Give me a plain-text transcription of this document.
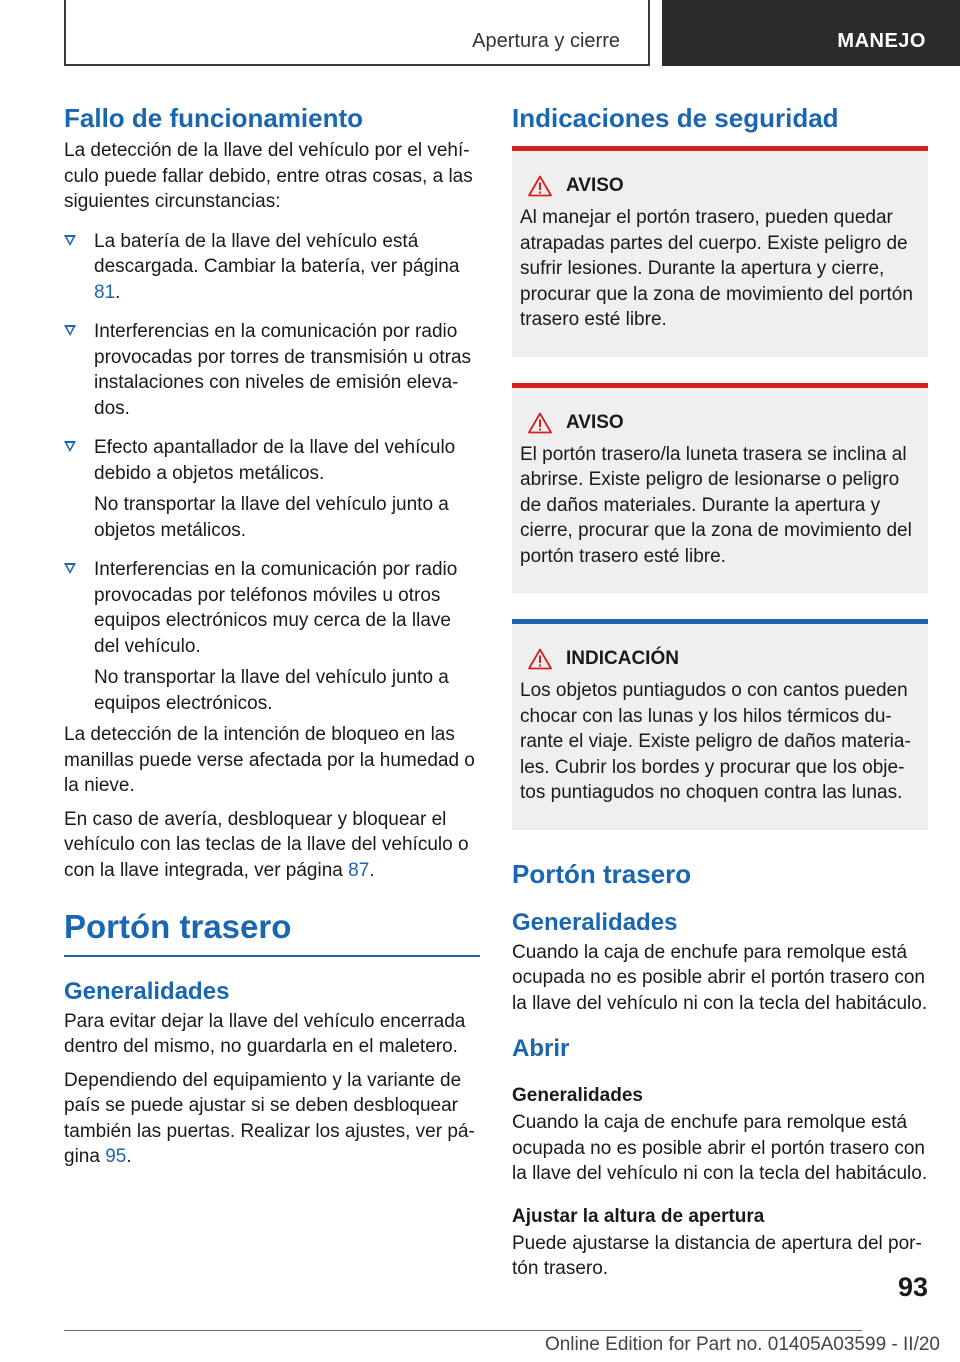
Apertura y cierre	MANEJO
Fallo de funcionamiento
La detección de la llave del vehículo por el vehículo puede fallar debido, entre otras cosas, a las siguientes circunstancias:
La batería de la llave del vehículo está descargada. Cambiar la batería, ver página 81.
Interferencias en la comunicación por radio provocadas por torres de transmisión u otras instalaciones con niveles de emisión elevados.
Efecto apantallador de la llave del vehículo debido a objetos metálicos.
No transportar la llave del vehículo junto a objetos metálicos.
Interferencias en la comunicación por radio provocadas por teléfonos móviles u otros equipos electrónicos muy cerca de la llave del vehículo.
No transportar la llave del vehículo junto a equipos electrónicos.
La detección de la intención de bloqueo en las manillas puede verse afectada por la humedad o la nieve.
En caso de avería, desbloquear y bloquear el vehículo con las teclas de la llave del vehículo o con la llave integrada, ver página 87.
Portón trasero
Generalidades
Para evitar dejar la llave del vehículo encerrada dentro del mismo, no guardarla en el maletero.
Dependiendo del equipamiento y la variante de país se puede ajustar si se deben desbloquear también las puertas. Realizar los ajustes, ver página 95.
Indicaciones de seguridad
AVISO
Al manejar el portón trasero, pueden quedar atrapadas partes del cuerpo. Existe peligro de sufrir lesiones. Durante la apertura y cierre, procurar que la zona de movimiento del portón trasero esté libre.
AVISO
El portón trasero/la luneta trasera se inclina al abrirse. Existe peligro de lesionarse o peligro de daños materiales. Durante la apertura y cierre, procurar que la zona de movimiento del portón trasero esté libre.
INDICACIÓN
Los objetos puntiagudos o con cantos pueden chocar con las lunas y los hilos térmicos durante el viaje. Existe peligro de daños materiales. Cubrir los bordes y procurar que los objetos puntiagudos no choquen contra las lunas.
Portón trasero
Generalidades
Cuando la caja de enchufe para remolque está ocupada no es posible abrir el portón trasero con la llave del vehículo ni con la tecla del habitáculo.
Abrir
Generalidades
Cuando la caja de enchufe para remolque está ocupada no es posible abrir el portón trasero con la llave del vehículo ni con la tecla del habitáculo.
Ajustar la altura de apertura
Puede ajustarse la distancia de apertura del portón trasero.
93
Online Edition for Part no. 01405A03599 - II/20
